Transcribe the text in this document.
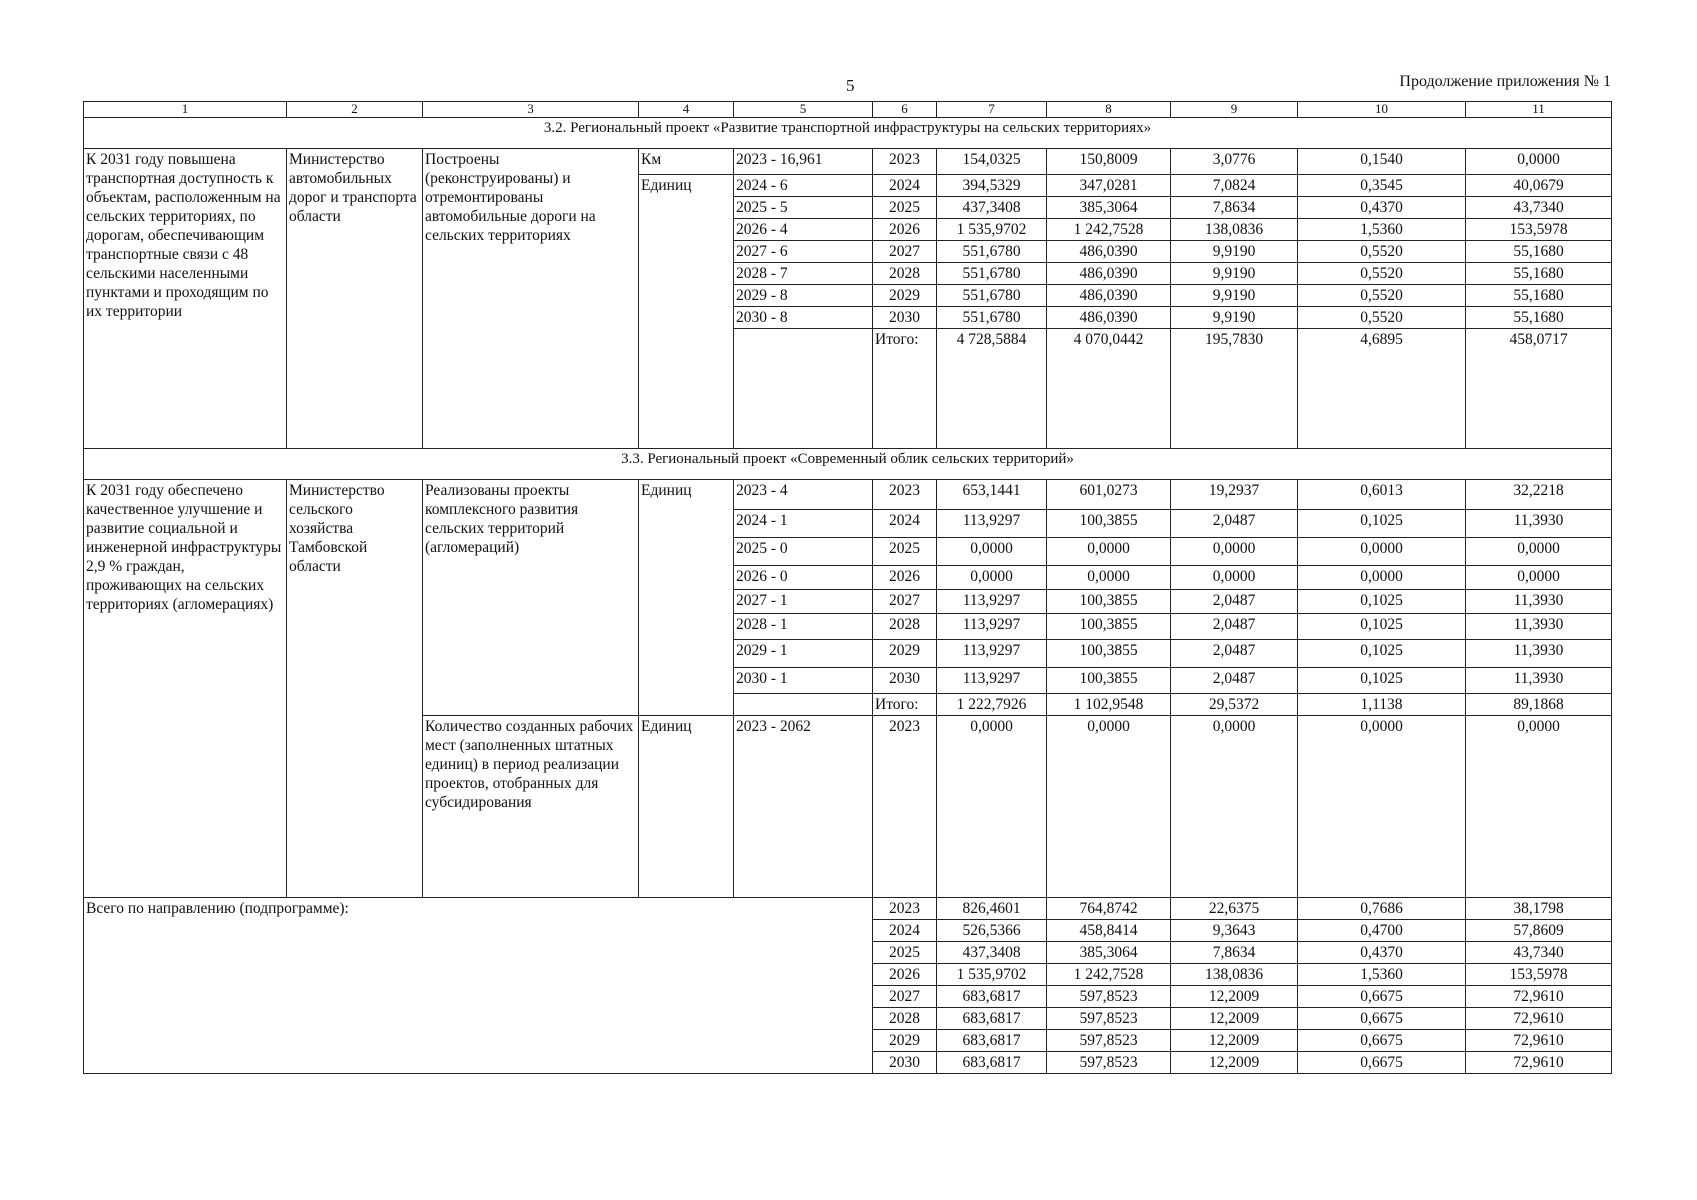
5	Продолжение приложения № 1
1	2	3	4	5	6	7	8	9	10	11
3.2. Региональный проект «Развитие транспортной инфраструктуры на сельских территориях»										
К 2031 году повышена транспортная доступность к объектам, расположенным на сельских территориях, по дорогам, обеспечивающим транспортные связи с 48 сельскими населенными пунктами и проходящим по их территории	Министерство автомобильных дорог и транспорта области	Построены (реконструированы) и отремонтированы автомобильные дороги на сельских территориях	Км	2023 - 16,961	2023	154,0325	150,8009	3,0776	0,1540	0,0000
			Единиц	2024 - 6	2024	394,5329	347,0281	7,0824	0,3545	40,0679
				2025 - 5	2025	437,3408	385,3064	7,8634	0,4370	43,7340
				2026 - 4	2026	1 535,9702	1 242,7528	138,0836	1,5360	153,5978
				2027 - 6	2027	551,6780	486,0390	9,9190	0,5520	55,1680
				2028 - 7	2028	551,6780	486,0390	9,9190	0,5520	55,1680
				2029 - 8	2029	551,6780	486,0390	9,9190	0,5520	55,1680
				2030 - 8	2030	551,6780	486,0390	9,9190	0,5520	55,1680
					Итого:	4 728,5884	4 070,0442	195,7830	4,6895	458,0717
3.3. Региональный проект «Современный облик сельских территорий»										
К 2031 году обеспечено качественное улучшение и развитие социальной и инженерной инфраструктуры 2,9 % граждан, проживающих на сельских территориях (агломерациях)	Министерство сельского хозяйства Тамбовской области	Реализованы проекты комплексного развития сельских территорий (агломераций)	Единиц	2023 - 4	2023	653,1441	601,0273	19,2937	0,6013	32,2218
				2024 - 1	2024	113,9297	100,3855	2,0487	0,1025	11,3930
				2025 - 0	2025	0,0000	0,0000	0,0000	0,0000	0,0000
				2026 - 0	2026	0,0000	0,0000	0,0000	0,0000	0,0000
				2027 - 1	2027	113,9297	100,3855	2,0487	0,1025	11,3930
				2028 - 1	2028	113,9297	100,3855	2,0487	0,1025	11,3930
				2029 - 1	2029	113,9297	100,3855	2,0487	0,1025	11,3930
				2030 - 1	2030	113,9297	100,3855	2,0487	0,1025	11,3930
					Итого:	1 222,7926	1 102,9548	29,5372	1,1138	89,1868
		Количество созданных рабочих мест (заполненных штатных единиц) в период реализации проектов, отобранных для субсидирования	Единиц	2023 - 2062	2023	0,0000	0,0000	0,0000	0,0000	0,0000
Всего по направлению (подпрограмме):					2023	826,4601	764,8742	22,6375	0,7686	38,1798
					2024	526,5366	458,8414	9,3643	0,4700	57,8609
					2025	437,3408	385,3064	7,8634	0,4370	43,7340
					2026	1 535,9702	1 242,7528	138,0836	1,5360	153,5978
					2027	683,6817	597,8523	12,2009	0,6675	72,9610
					2028	683,6817	597,8523	12,2009	0,6675	72,9610
					2029	683,6817	597,8523	12,2009	0,6675	72,9610
					2030	683,6817	597,8523	12,2009	0,6675	72,9610
